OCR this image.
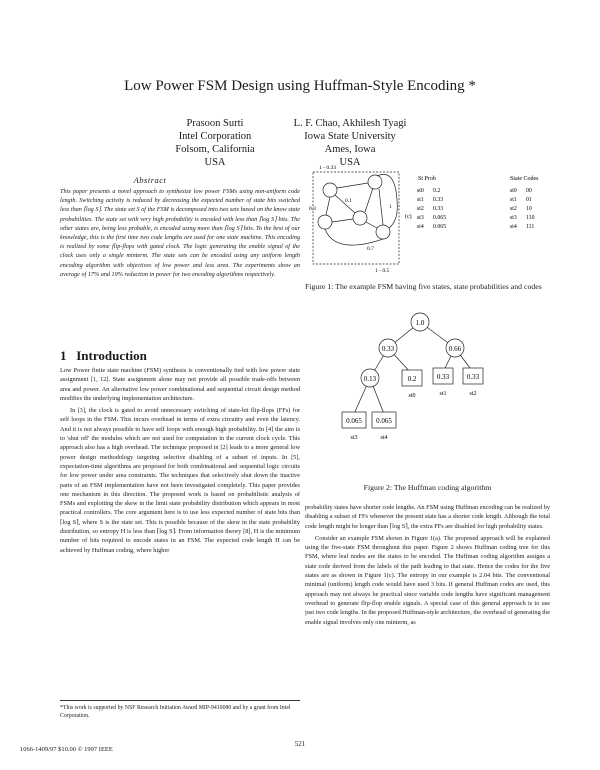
Low Power FSM Design using Huffman-Style Encoding *
Prasoon Surti
Intel Corporation
Folsom, California
USA
L. F. Chao, Akhilesh Tyagi
Iowa State University
Ames, Iowa
USA
Abstract
This paper presents a novel approach to synthesize low power FSMs using non-uniform code length. Switching activity is reduced by decreasing the expected number of state bits switched less than ⌈log S⌉. The state set S of the FSM is decomposed into two sets based on the know state probabilities. The state set with very high probability is encoded with less than ⌈log S⌉ bits. The other states are, being less probable, is encoded using more than ⌈log S⌉ bits. To the best of our knowledge, this is the first time two code lengths are used for one state machine. This encoding is realized by some flip-flops with gated clock. The logic generating the enable signal of the clock uses only a single minterm. The state sets can be encoded using any uniform length encoding algorithm with objectives of low power and less area. The experiments show an average of 17% and 19% reduction in power for two encoding algorithms respectively.
1 Introduction

Low Power finite state machine (FSM) synthesis is conventionally tied with low power state assignment [1, 12]. State assignment alone may not provide all possible trade-offs between area and power. An alternative low power combinational and sequential circuit design method modifies the underlying implementation architecture.

In [3], the clock is gated to avoid unnecessary switching of state-bit flip-flops (FFs) for self loops in the FSM. This incurs overhead in terms of extra circuitry and even the latency. And it is not always possible to have self loops with enough high probability. In [4] the aim is to 'shut off' the modules which are not used for computation in the current clock cycle. This approach also has a high overhead. The technique proposed in [2] leads to a more general low power design methodology targeting selective disabling of a subset of inputs. In [5], expectation-time algorithms are proposed for both combinational and sequential logic circuits for low power under area constraints. The techniques that selectively shut down the inactive parts of an FSM implementation have not been investigated completely. This paper provides one mechanism in this direction. The proposed work is based on probabilistic analysis of FSMs and exploiting the skew in the limit state probability distribution which appears in most practical controllers. The core argument here is to use less expected number of state bits than ⌈log S⌉, where S is the state set. This is possible because of the skew in the state probability distribution, so entropy H is less than ⌈log S⌉. From information theory [8], H is the minimum number of bits required to encode states in an FSM. The expected code length H can be achieved by Huffman coding, where higher

*This work is supported by NSF Research Initiation Award MIP-9410080 and by a grant from Intel Corporation.
1 - 0.33
0.1
1
0.3
0.7
1 - 0.5
(c)
St Prob	State Codes
st0 0.2	st0 00
st1 0.33	st1 01
st2 0.33	st2 10
st3 0.065	st3 110
st4 0.065	st4 111
Figure 1: The example FSM having five states, state probabilities and codes
1.0
0.33	0.66
0.13	0.2	0.33	0.33
0.065 0.065
st0	st1	st2
st3	st4
Figure 2: The Huffman coding algorithm

probability states have shorter code lengths. An FSM using Huffman encoding can be realized by disabling a subset of FFs whenever the present state has a shorter code length. Although the total code length might be longer than ⌈log S⌉, the extra FFs are disabled for high probability states.

Consider an example FSM shown in Figure 1(a). The proposed approach will be explained using the five-state FSM throughout this paper. Figure 2 shows Huffman coding tree for this FSM, where leaf nodes are the states to be encoded. The Huffman coding algorithm assigns a state code derived from the labels of the path leading to that state. Hence the codes for the five states are as shown in Figure 1(c). The entropy in our example is 2.04 bits. The conventional minimal (uniform) length code would have used 3 bits. If general Huffman codes are used, this approach may not always be practical since variable code lengths have significant management overhead to generate flip-flop enable signals. A special case of this general approach is to use just two code lengths. In the proposed Huffman-style architecture, the overhead of generating the enable signal involves only one minterm, as

521
1066-1409/97 $10.00 © 1997 IEEE
